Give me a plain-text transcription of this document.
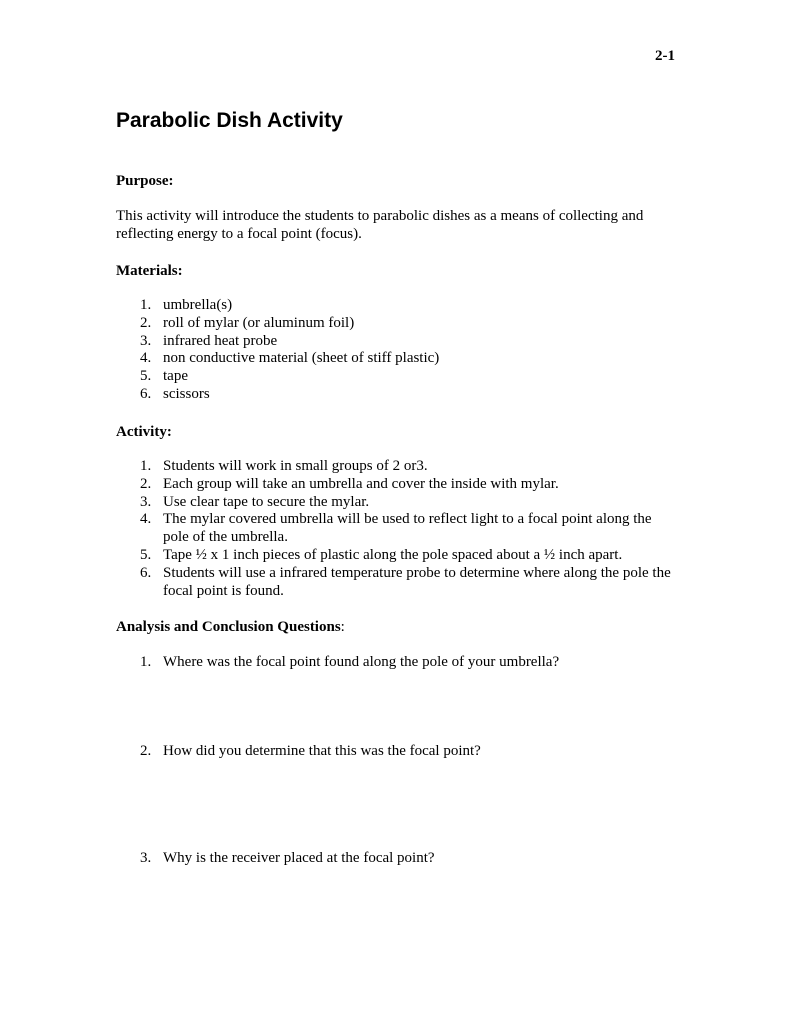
2-1
Parabolic Dish Activity
Purpose:
This activity will introduce the students to parabolic dishes as a means of collecting and reflecting energy to a focal point (focus).
Materials:
1. umbrella(s)
2. roll of mylar (or aluminum foil)
3. infrared heat probe
4. non conductive material (sheet of stiff plastic)
5. tape
6. scissors
Activity:
1. Students will work in small groups of 2 or3.
2. Each group will take an umbrella and cover the inside with mylar.
3. Use clear tape to secure the mylar.
4. The mylar covered umbrella will be used to reflect light to a focal point along the pole of the umbrella.
5. Tape ½ x 1 inch pieces of plastic along the pole spaced about a ½ inch apart.
6. Students will use a infrared temperature probe to determine where along the pole the focal point is found.
Analysis and Conclusion Questions:
1. Where was the focal point found along the pole of your umbrella?
2. How did you determine that this was the focal point?
3. Why is the receiver placed at the focal point?
